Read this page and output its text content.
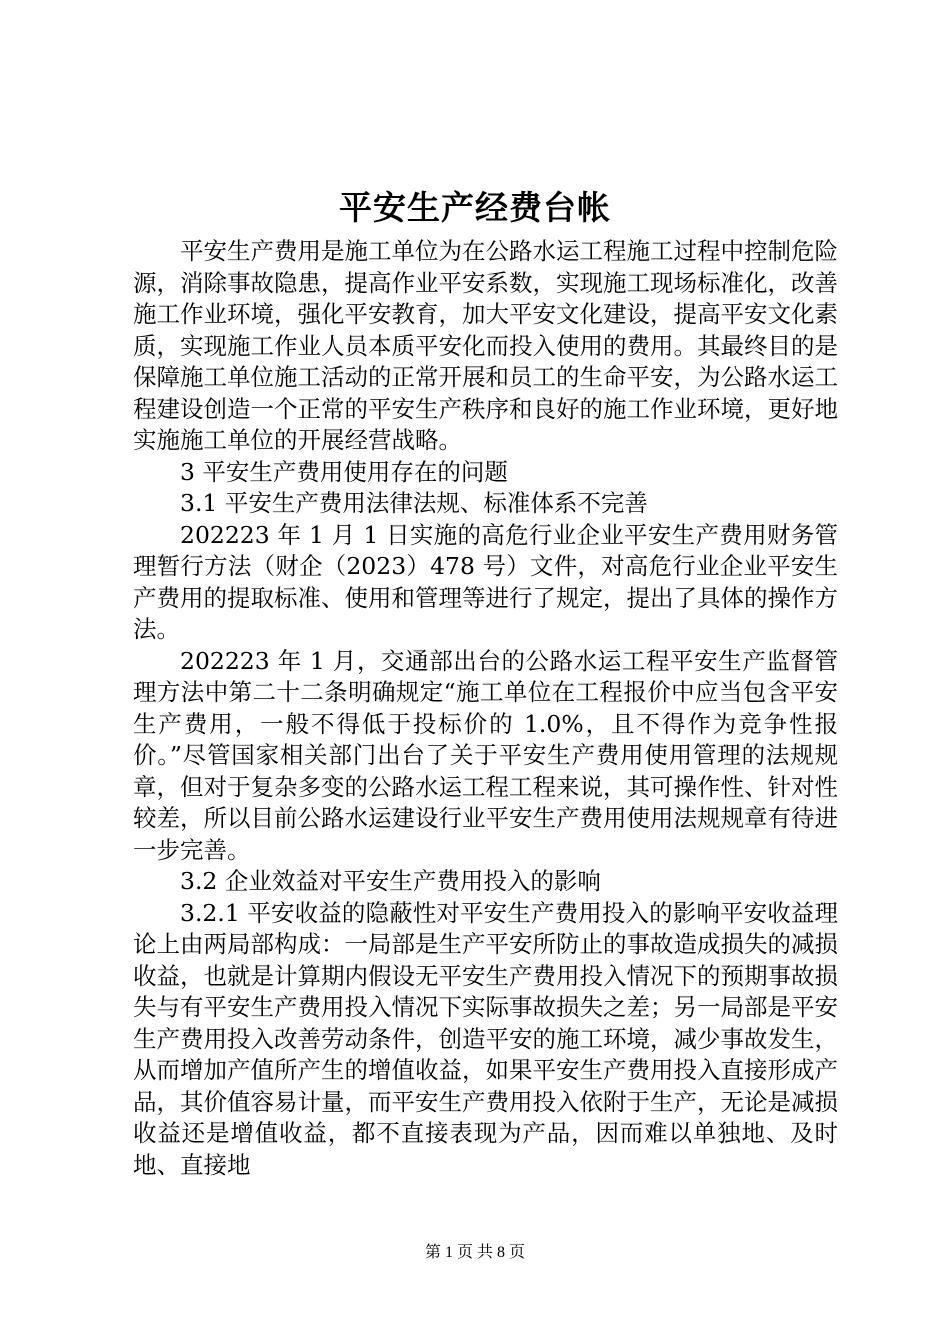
平安生产经费台帐

平安生产费用是施工单位为在公路水运工程施工过程中控制危险源，消除事故隐患，提高作业平安系数，实现施工现场标准化，改善施工作业环境，强化平安教育，加大平安文化建设，提高平安文化素质，实现施工作业人员本质平安化而投入使用的费用。其最终目的是保障施工单位施工活动的正常开展和员工的生命平安，为公路水运工程建设创造一个正常的平安生产秩序和良好的施工作业环境，更好地实施施工单位的开展经营战略。

3 平安生产费用使用存在的问题

3.1 平安生产费用法律法规、标准体系不完善

202223 年 1 月 1 日实施的高危行业企业平安生产费用财务管理暂行方法（财企（2023）478 号）文件，对高危行业企业平安生产费用的提取标准、使用和管理等进行了规定，提出了具体的操作方法。

202223 年 1 月，交通部出台的公路水运工程平安生产监督管理方法中第二十二条明确规定“施工单位在工程报价中应当包含平安生产费用，一般不得低于投标价的 1.0%，且不得作为竞争性报价。”尽管国家相关部门出台了关于平安生产费用使用管理的法规规章，但对于复杂多变的公路水运工程工程来说，其可操作性、针对性较差，所以目前公路水运建设行业平安生产费用使用法规规章有待进一步完善。

3.2 企业效益对平安生产费用投入的影响

3.2.1 平安收益的隐蔽性对平安生产费用投入的影响平安收益理论上由两局部构成：一局部是生产平安所防止的事故造成损失的减损收益，也就是计算期内假设无平安生产费用投入情况下的预期事故损失与有平安生产费用投入情况下实际事故损失之差；另一局部是平安生产费用投入改善劳动条件，创造平安的施工环境，减少事故发生，从而增加产值所产生的增值收益，如果平安生产费用投入直接形成产品，其价值容易计量，而平安生产费用投入依附于生产，无论是减损收益还是增值收益，都不直接表现为产品，因而难以单独地、及时地、直接地

第 1 页 共 8 页
